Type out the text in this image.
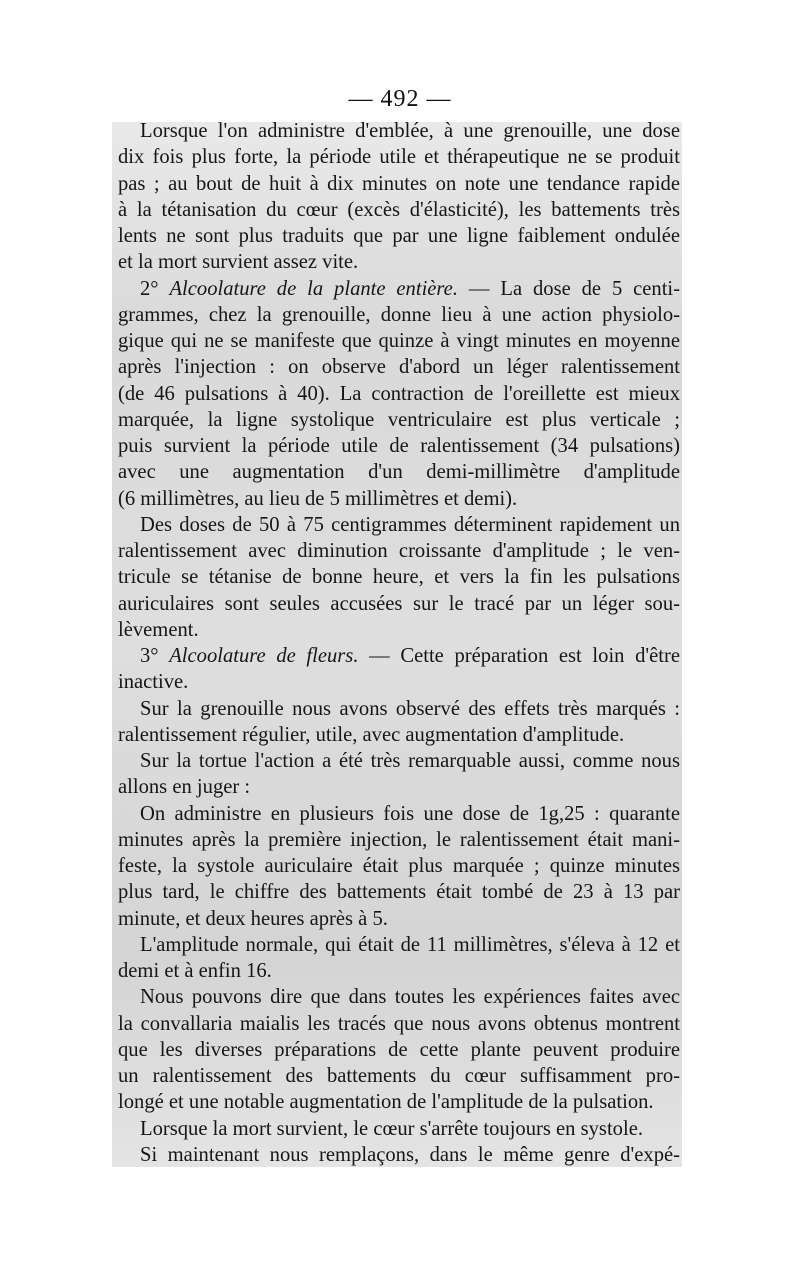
— 492 —
Lorsque l'on administre d'emblée, à une grenouille, une dose
dix fois plus forte, la période utile et thérapeutique ne se produit
pas ; au bout de huit à dix minutes on note une tendance rapide
à la tétanisation du cœur (excès d'élasticité), les battements très
lents ne sont plus traduits que par une ligne faiblement ondulée
et la mort survient assez vite.
2° Alcoolature de la plante entière. — La dose de 5 centi-
grammes, chez la grenouille, donne lieu à une action physiolo-
gique qui ne se manifeste que quinze à vingt minutes en moyenne
après l'injection : on observe d'abord un léger ralentissement
(de 46 pulsations à 40). La contraction de l'oreillette est mieux
marquée, la ligne systolique ventriculaire est plus verticale ;
puis survient la période utile de ralentissement (34 pulsations)
avec une augmentation d'un demi-millimètre d'amplitude
(6 millimètres, au lieu de 5 millimètres et demi).
Des doses de 50 à 75 centigrammes déterminent rapidement un
ralentissement avec diminution croissante d'amplitude ; le ven-
tricule se tétanise de bonne heure, et vers la fin les pulsations
auriculaires sont seules accusées sur le tracé par un léger sou-
lèvement.
3° Alcoolature de fleurs. — Cette préparation est loin d'être
inactive.
Sur la grenouille nous avons observé des effets très marqués :
ralentissement régulier, utile, avec augmentation d'amplitude.
Sur la tortue l'action a été très remarquable aussi, comme nous
allons en juger :
On administre en plusieurs fois une dose de 1g,25 : quarante
minutes après la première injection, le ralentissement était mani-
feste, la systole auriculaire était plus marquée ; quinze minutes
plus tard, le chiffre des battements était tombé de 23 à 13 par
minute, et deux heures après à 5.
L'amplitude normale, qui était de 11 millimètres, s'éleva à 12 et
demi et à enfin 16.
Nous pouvons dire que dans toutes les expériences faites avec
la convallaria maialis les tracés que nous avons obtenus montrent
que les diverses préparations de cette plante peuvent produire
un ralentissement des battements du cœur suffisamment pro-
longé et une notable augmentation de l'amplitude de la pulsation.
Lorsque la mort survient, le cœur s'arrête toujours en systole.
Si maintenant nous remplaçons, dans le même genre d'expé-
